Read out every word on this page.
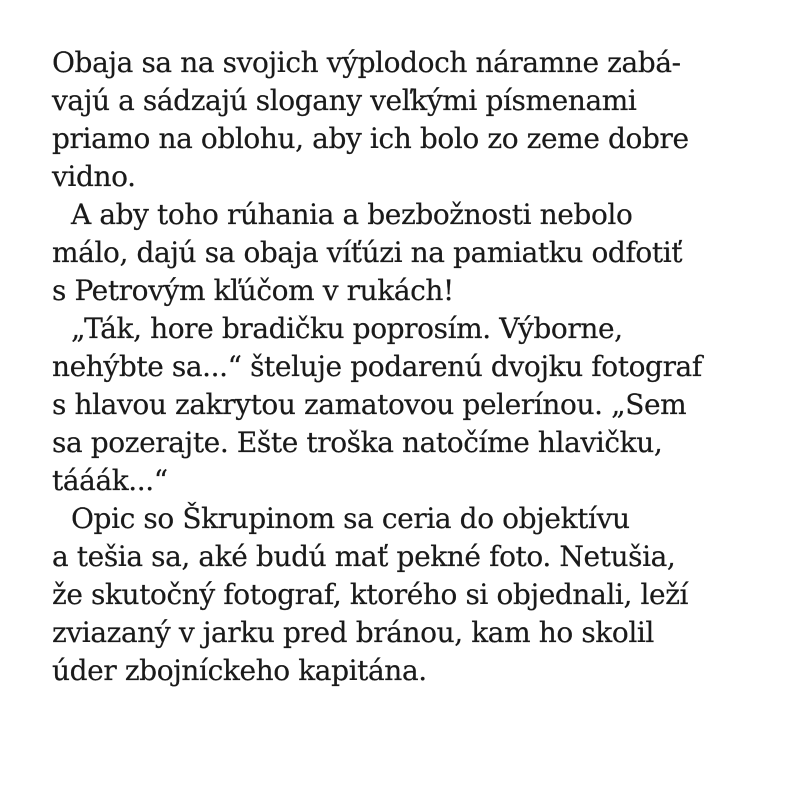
Obaja sa na svojich výplodoch náramne zabá-
vajú a sádzajú slogany veľkými písmenami
priamo na oblohu, aby ich bolo zo zeme dobre
vidno.
A aby toho rúhania a bezbožnosti nebolo
málo, dajú sa obaja víťúzi na pamiatku odfotiť
s Petrovým kľúčom v rukách!
„Ták, hore bradičku poprosím. Výborne,
nehýbte sa...“ šteluje podarenú dvojku fotograf
s hlavou zakrytou zamatovou pelerínou. „Sem
sa pozerajte. Ešte troška natočíme hlavičku,
tááák...“
Opic so Škrupinom sa ceria do objektívu
a tešia sa, aké budú mať pekné foto. Netušia,
že skutočný fotograf, ktorého si objednali, leží
zviazaný v jarku pred bránou, kam ho skolil
úder zbojníckeho kapitána.
